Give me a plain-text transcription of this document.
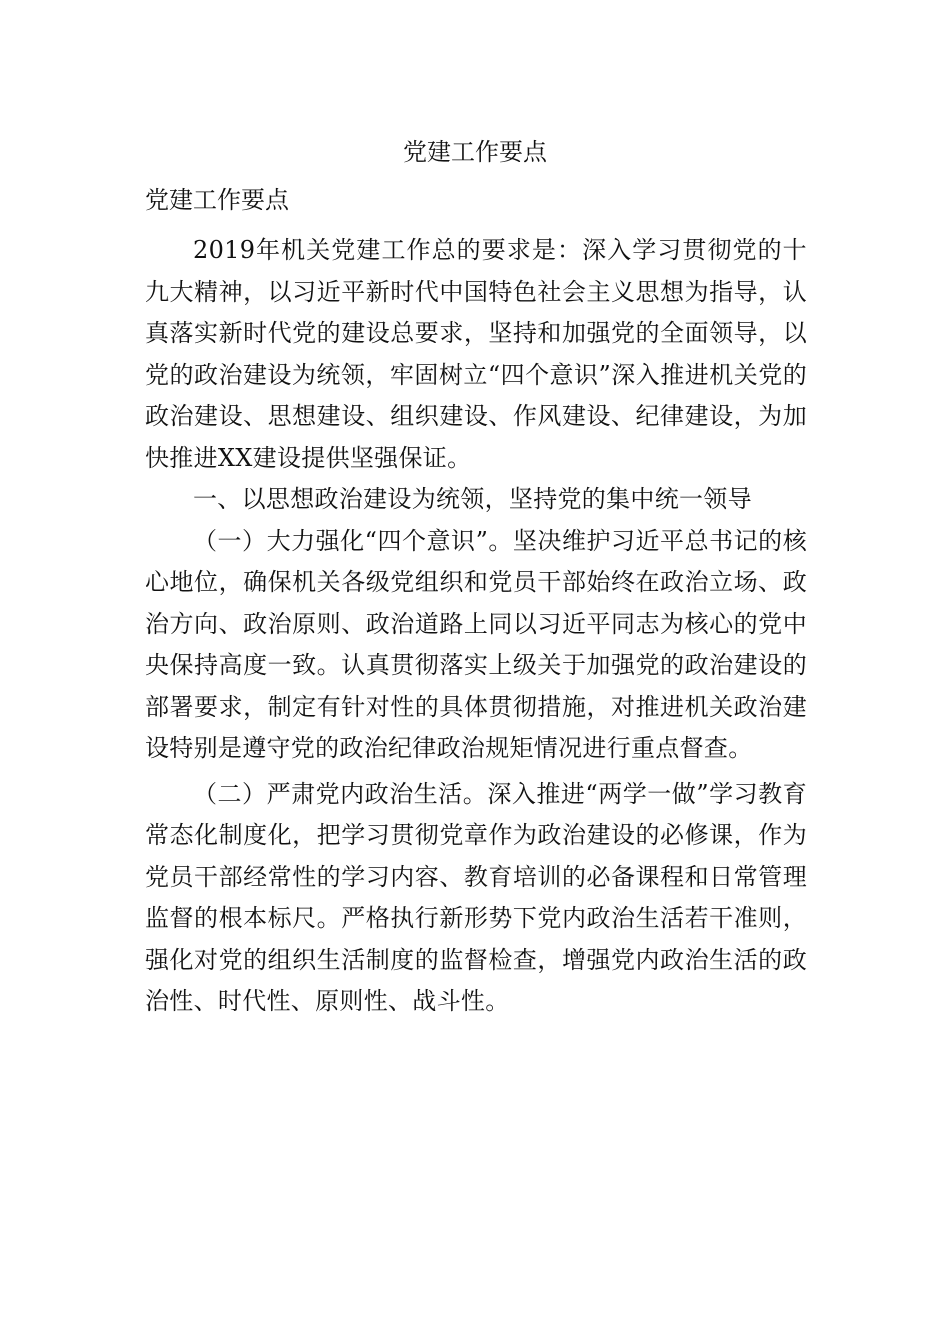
党建工作要点
党建工作要点

2019年机关党建工作总的要求是：深入学习贯彻党的十九大精神，以习近平新时代中国特色社会主义思想为指导，认真落实新时代党的建设总要求，坚持和加强党的全面领导，以党的政治建设为统领，牢固树立“四个意识”深入推进机关党的政治建设、思想建设、组织建设、作风建设、纪律建设，为加快推进XX建设提供坚强保证。

一、以思想政治建设为统领，坚持党的集中统一领导

（一）大力强化“四个意识”。坚决维护习近平总书记的核心地位，确保机关各级党组织和党员干部始终在政治立场、政治方向、政治原则、政治道路上同以习近平同志为核心的党中央保持高度一致。认真贯彻落实上级关于加强党的政治建设的部署要求，制定有针对性的具体贯彻措施，对推进机关政治建设特别是遵守党的政治纪律政治规矩情况进行重点督查。

（二）严肃党内政治生活。深入推进“两学一做”学习教育常态化制度化，把学习贯彻党章作为政治建设的必修课，作为党员干部经常性的学习内容、教育培训的必备课程和日常管理监督的根本标尺。严格执行新形势下党内政治生活若干准则，强化对党的组织生活制度的监督检查，增强党内政治生活的政治性、时代性、原则性、战斗性。
